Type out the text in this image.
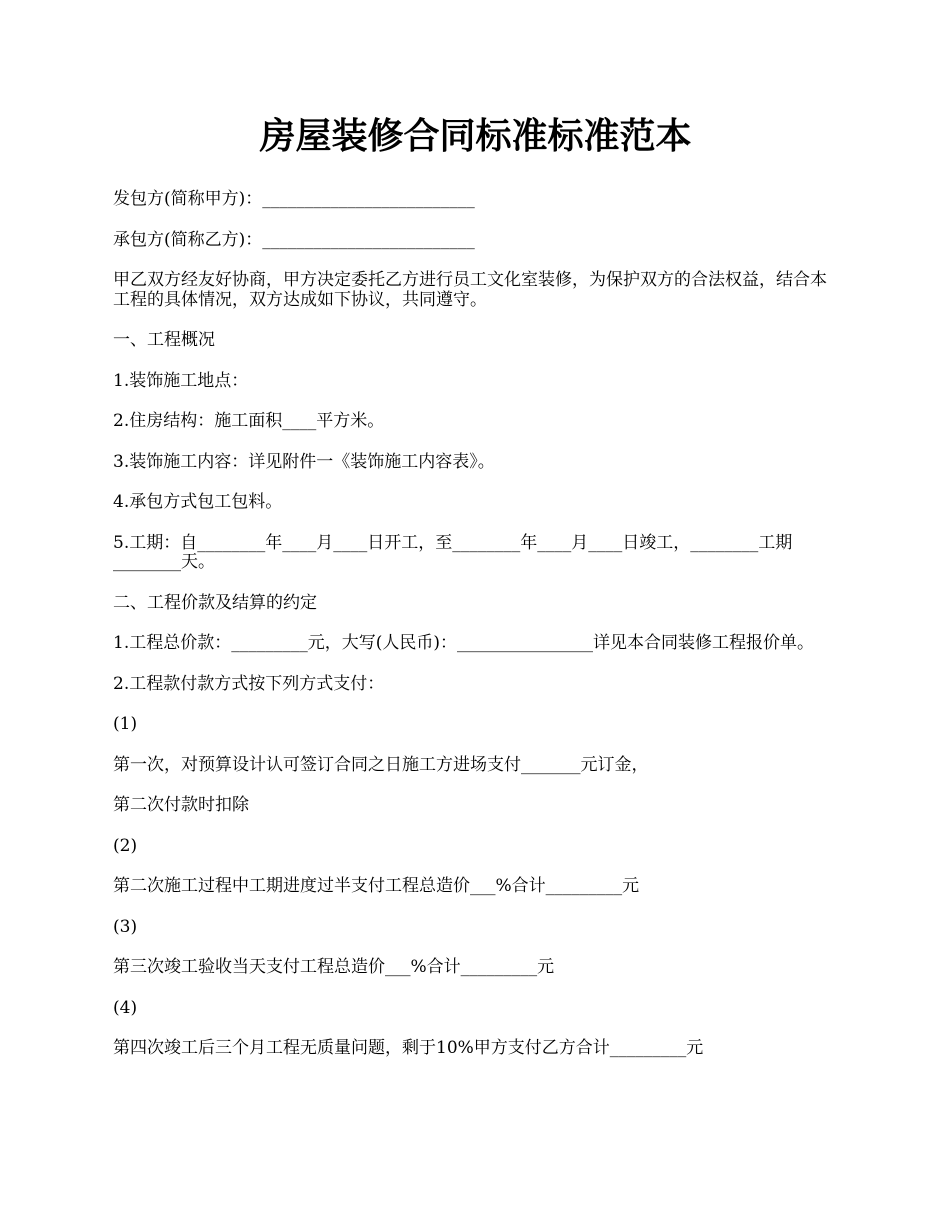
房屋装修合同标准标准范本

发包方(简称甲方)：_________________________

承包方(简称乙方)：_________________________

甲乙双方经友好协商，甲方决定委托乙方进行员工文化室装修，为保护双方的合法权益，结合本工程的具体情况，双方达成如下协议，共同遵守。

一、工程概况

1.装饰施工地点：

2.住房结构：施工面积____平方米。

3.装饰施工内容：详见附件一《装饰施工内容表》。

4.承包方式包工包料。

5.工期：自________年____月____日开工，至________年____月____日竣工，________工期________天。

二、工程价款及结算的约定

1.工程总价款：_________元，大写(人民币)：________________详见本合同装修工程报价单。

2.工程款付款方式按下列方式支付：

(1)

第一次，对预算设计认可签订合同之日施工方进场支付_______元订金，

第二次付款时扣除

(2)

第二次施工过程中工期进度过半支付工程总造价___%合计_________元

(3)

第三次竣工验收当天支付工程总造价___%合计_________元

(4)

第四次竣工后三个月工程无质量问题，剩于10%甲方支付乙方合计_________元
